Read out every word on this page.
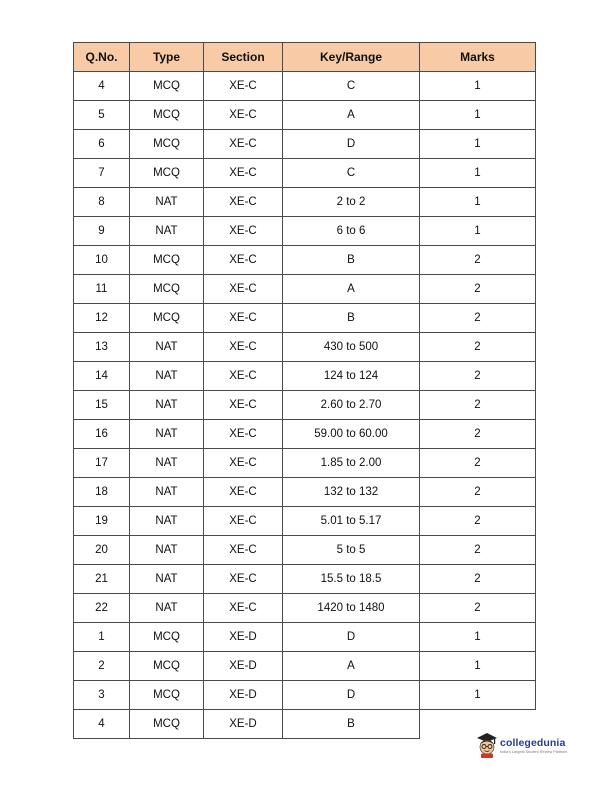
Q.No.	Type	Section	Key/Range	Marks
4	MCQ	XE-C	C	1
5	MCQ	XE-C	A	1
6	MCQ	XE-C	D	1
7	MCQ	XE-C	C	1
8	NAT	XE-C	2 to 2	1
9	NAT	XE-C	6 to 6	1
10	MCQ	XE-C	B	2
11	MCQ	XE-C	A	2
12	MCQ	XE-C	B	2
13	NAT	XE-C	430 to 500	2
14	NAT	XE-C	124 to 124	2
15	NAT	XE-C	2.60 to 2.70	2
16	NAT	XE-C	59.00 to 60.00	2
17	NAT	XE-C	1.85 to 2.00	2
18	NAT	XE-C	132 to 132	2
19	NAT	XE-C	5.01 to 5.17	2
20	NAT	XE-C	5 to 5	2
21	NAT	XE-C	15.5 to 18.5	2
22	NAT	XE-C	1420 to 1480	2
1	MCQ	XE-D	D	1
2	MCQ	XE-D	A	1
3	MCQ	XE-D	D	1
4	MCQ	XE-D	B	
collegedunia
India's Largest Student Review Platform
